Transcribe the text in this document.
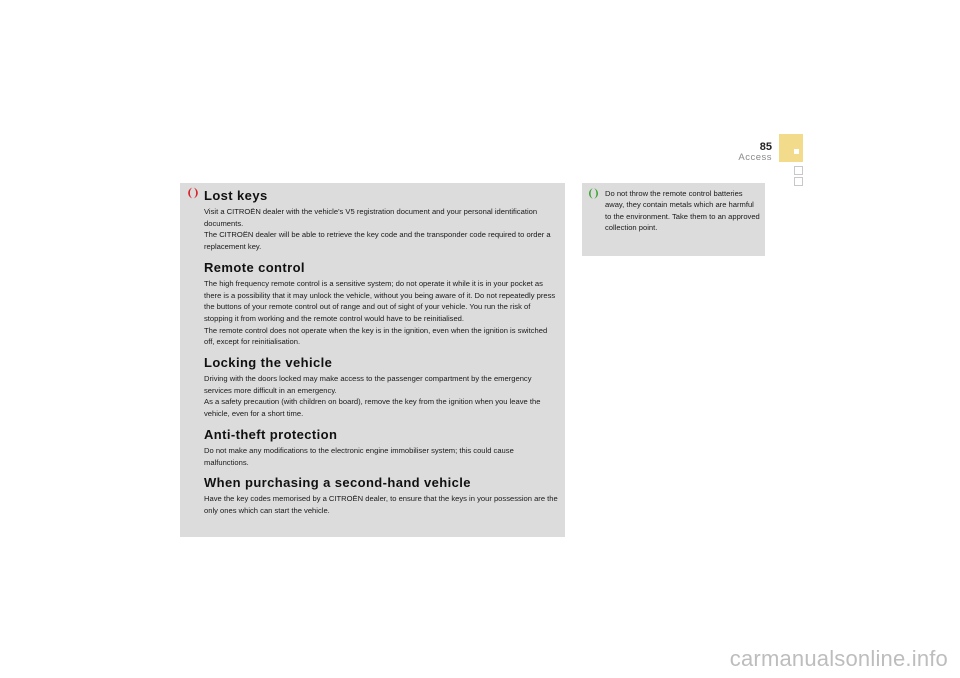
85
Access
Lost keys

Visit a CITROËN dealer with the vehicle's V5 registration document and your personal identification documents.
The CITROËN dealer will be able to retrieve the key code and the transponder code required to order a replacement key.

Remote control

The high frequency remote control is a sensitive system; do not operate it while it is in your pocket as there is a possibility that it may unlock the vehicle, without you being aware of it. Do not repeatedly press the buttons of your remote control out of range and out of sight of your vehicle. You run the risk of stopping it from working and the remote control would have to be reinitialised.
The remote control does not operate when the key is in the ignition, even when the ignition is switched off, except for reinitialisation.

Locking the vehicle

Driving with the doors locked may make access to the passenger compartment by the emergency services more difficult in an emergency.
As a safety precaution (with children on board), remove the key from the ignition when you leave the vehicle, even for a short time.

Anti-theft protection

Do not make any modifications to the electronic engine immobiliser system; this could cause malfunctions.

When purchasing a second-hand vehicle

Have the key codes memorised by a CITROËN dealer, to ensure that the keys in your possession are the only ones which can start the vehicle.

Do not throw the remote control batteries away, they contain metals which are harmful to the environment. Take them to an approved collection point.

carmanualsonline.info
